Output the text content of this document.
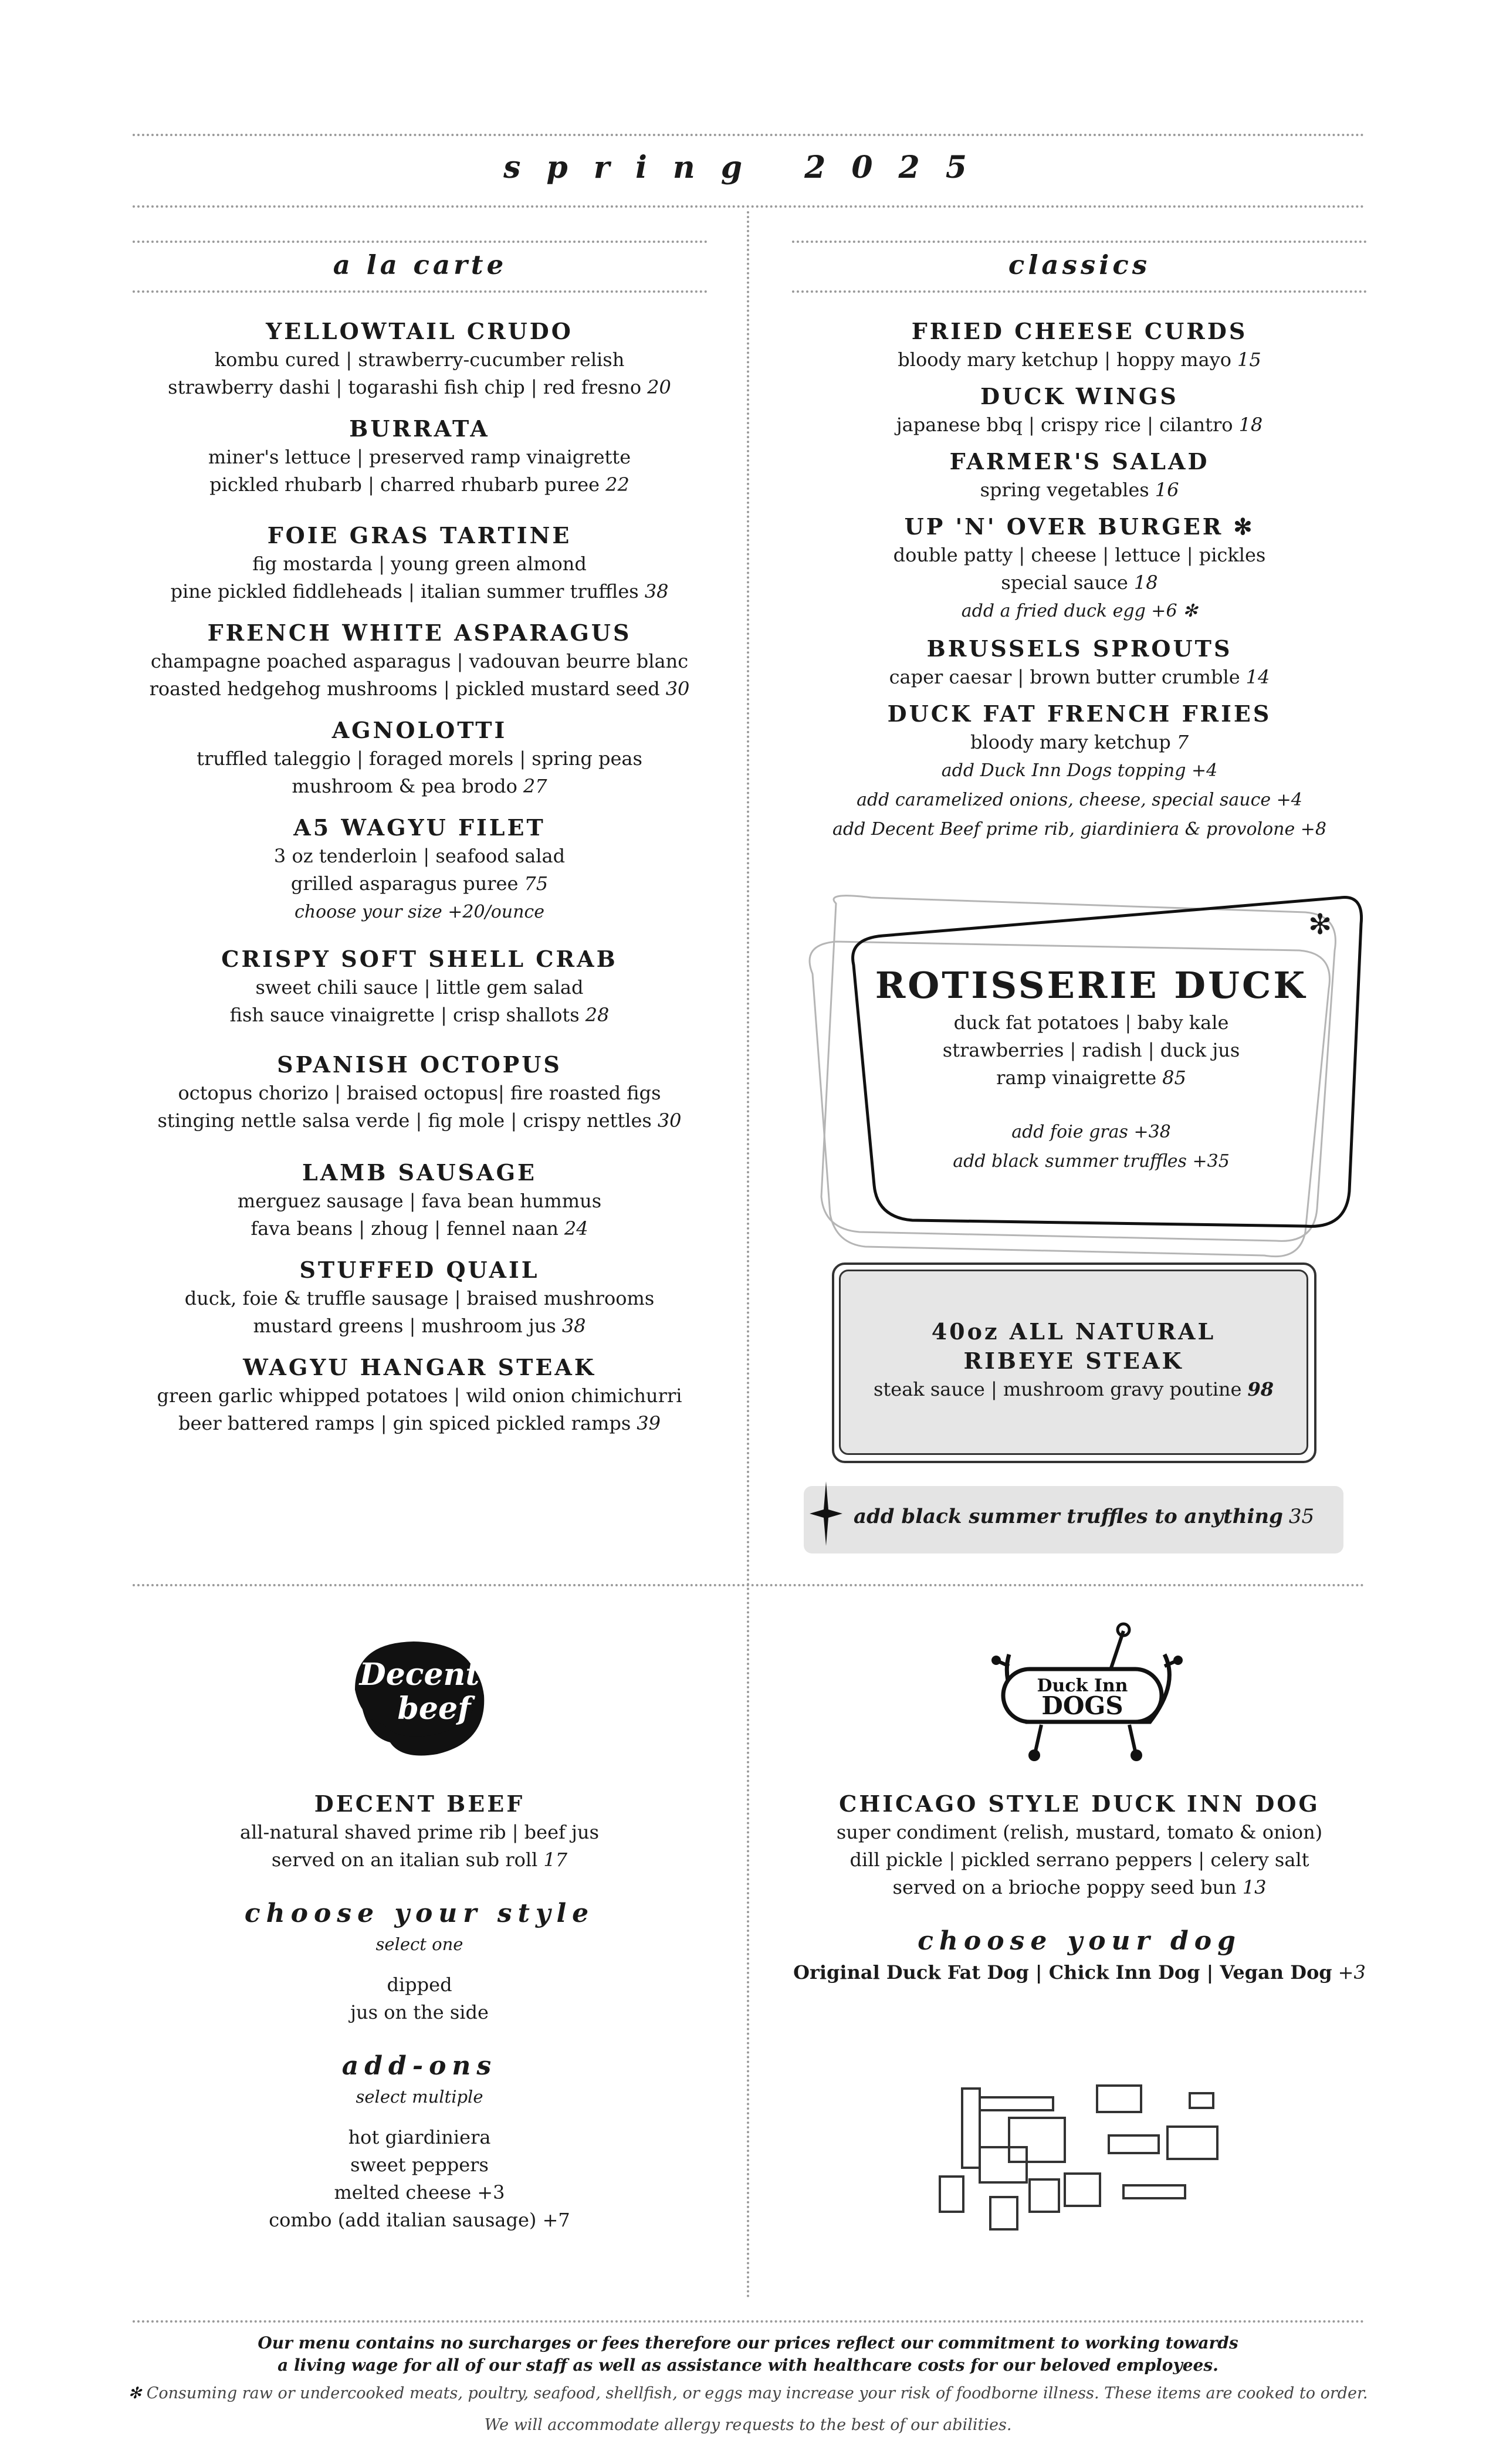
spring 2025
a la carte
YELLOWTAIL CRUDO
kombu cured | strawberry-cucumber relish
strawberry dashi | togarashi fish chip | red fresno 20
BURRATA
miner's lettuce | preserved ramp vinaigrette
pickled rhubarb | charred rhubarb puree 22
FOIE GRAS TARTINE
fig mostarda | young green almond
pine pickled fiddleheads | italian summer truffles 38
FRENCH WHITE ASPARAGUS
champagne poached asparagus | vadouvan beurre blanc
roasted hedgehog mushrooms | pickled mustard seed 30
AGNOLOTTI
truffled taleggio | foraged morels | spring peas
mushroom & pea brodo 27
A5 WAGYU FILET
3 oz tenderloin | seafood salad
grilled asparagus puree 75
choose your size +20/ounce
CRISPY SOFT SHELL CRAB
sweet chili sauce | little gem salad
fish sauce vinaigrette | crisp shallots 28
SPANISH OCTOPUS
octopus chorizo | braised octopus| fire roasted figs
stinging nettle salsa verde | fig mole | crispy nettles 30
LAMB SAUSAGE
merguez sausage | fava bean hummus
fava beans | zhoug | fennel naan 24
STUFFED QUAIL
duck, foie & truffle sausage | braised mushrooms
mustard greens | mushroom jus 38
WAGYU HANGAR STEAK
green garlic whipped potatoes | wild onion chimichurri
beer battered ramps | gin spiced pickled ramps 39
classics
FRIED CHEESE CURDS
bloody mary ketchup | hoppy mayo 15
DUCK WINGS
japanese bbq | crispy rice | cilantro 18
FARMER'S SALAD
spring vegetables 16
UP 'N' OVER BURGER ✻
double patty | cheese | lettuce | pickles
special sauce 18
add a fried duck egg +6 ✻
BRUSSELS SPROUTS
caper caesar | brown butter crumble 14
DUCK FAT FRENCH FRIES
bloody mary ketchup 7
add Duck Inn Dogs topping +4
add caramelized onions, cheese, special sauce +4
add Decent Beef prime rib, giardiniera & provolone +8
✻
ROTISSERIE DUCK
duck fat potatoes | baby kale
strawberries | radish | duck jus
ramp vinaigrette 85
add foie gras +38
add black summer truffles +35
40oz ALL NATURAL
RIBEYE STEAK
steak sauce | mushroom gravy poutine 98
add black summer truffles to anything 35
Decent
beef
DECENT BEEF
all-natural shaved prime rib | beef jus
served on an italian sub roll 17
choose your style
select one
dipped
jus on the side
add-ons
select multiple
hot giardiniera
sweet peppers
melted cheese +3
combo (add italian sausage) +7
Duck Inn
DOGS
CHICAGO STYLE DUCK INN DOG
super condiment (relish, mustard, tomato & onion)
dill pickle | pickled serrano peppers | celery salt
served on a brioche poppy seed bun 13
choose your dog
Original Duck Fat Dog | Chick Inn Dog | Vegan Dog +3
Our menu contains no surcharges or fees therefore our prices reflect our commitment to working towards
a living wage for all of our staff as well as assistance with healthcare costs for our beloved employees.
✻ Consuming raw or undercooked meats, poultry, seafood, shellfish, or eggs may increase your risk of foodborne illness. These items are cooked to order.
We will accommodate allergy requests to the best of our abilities.
